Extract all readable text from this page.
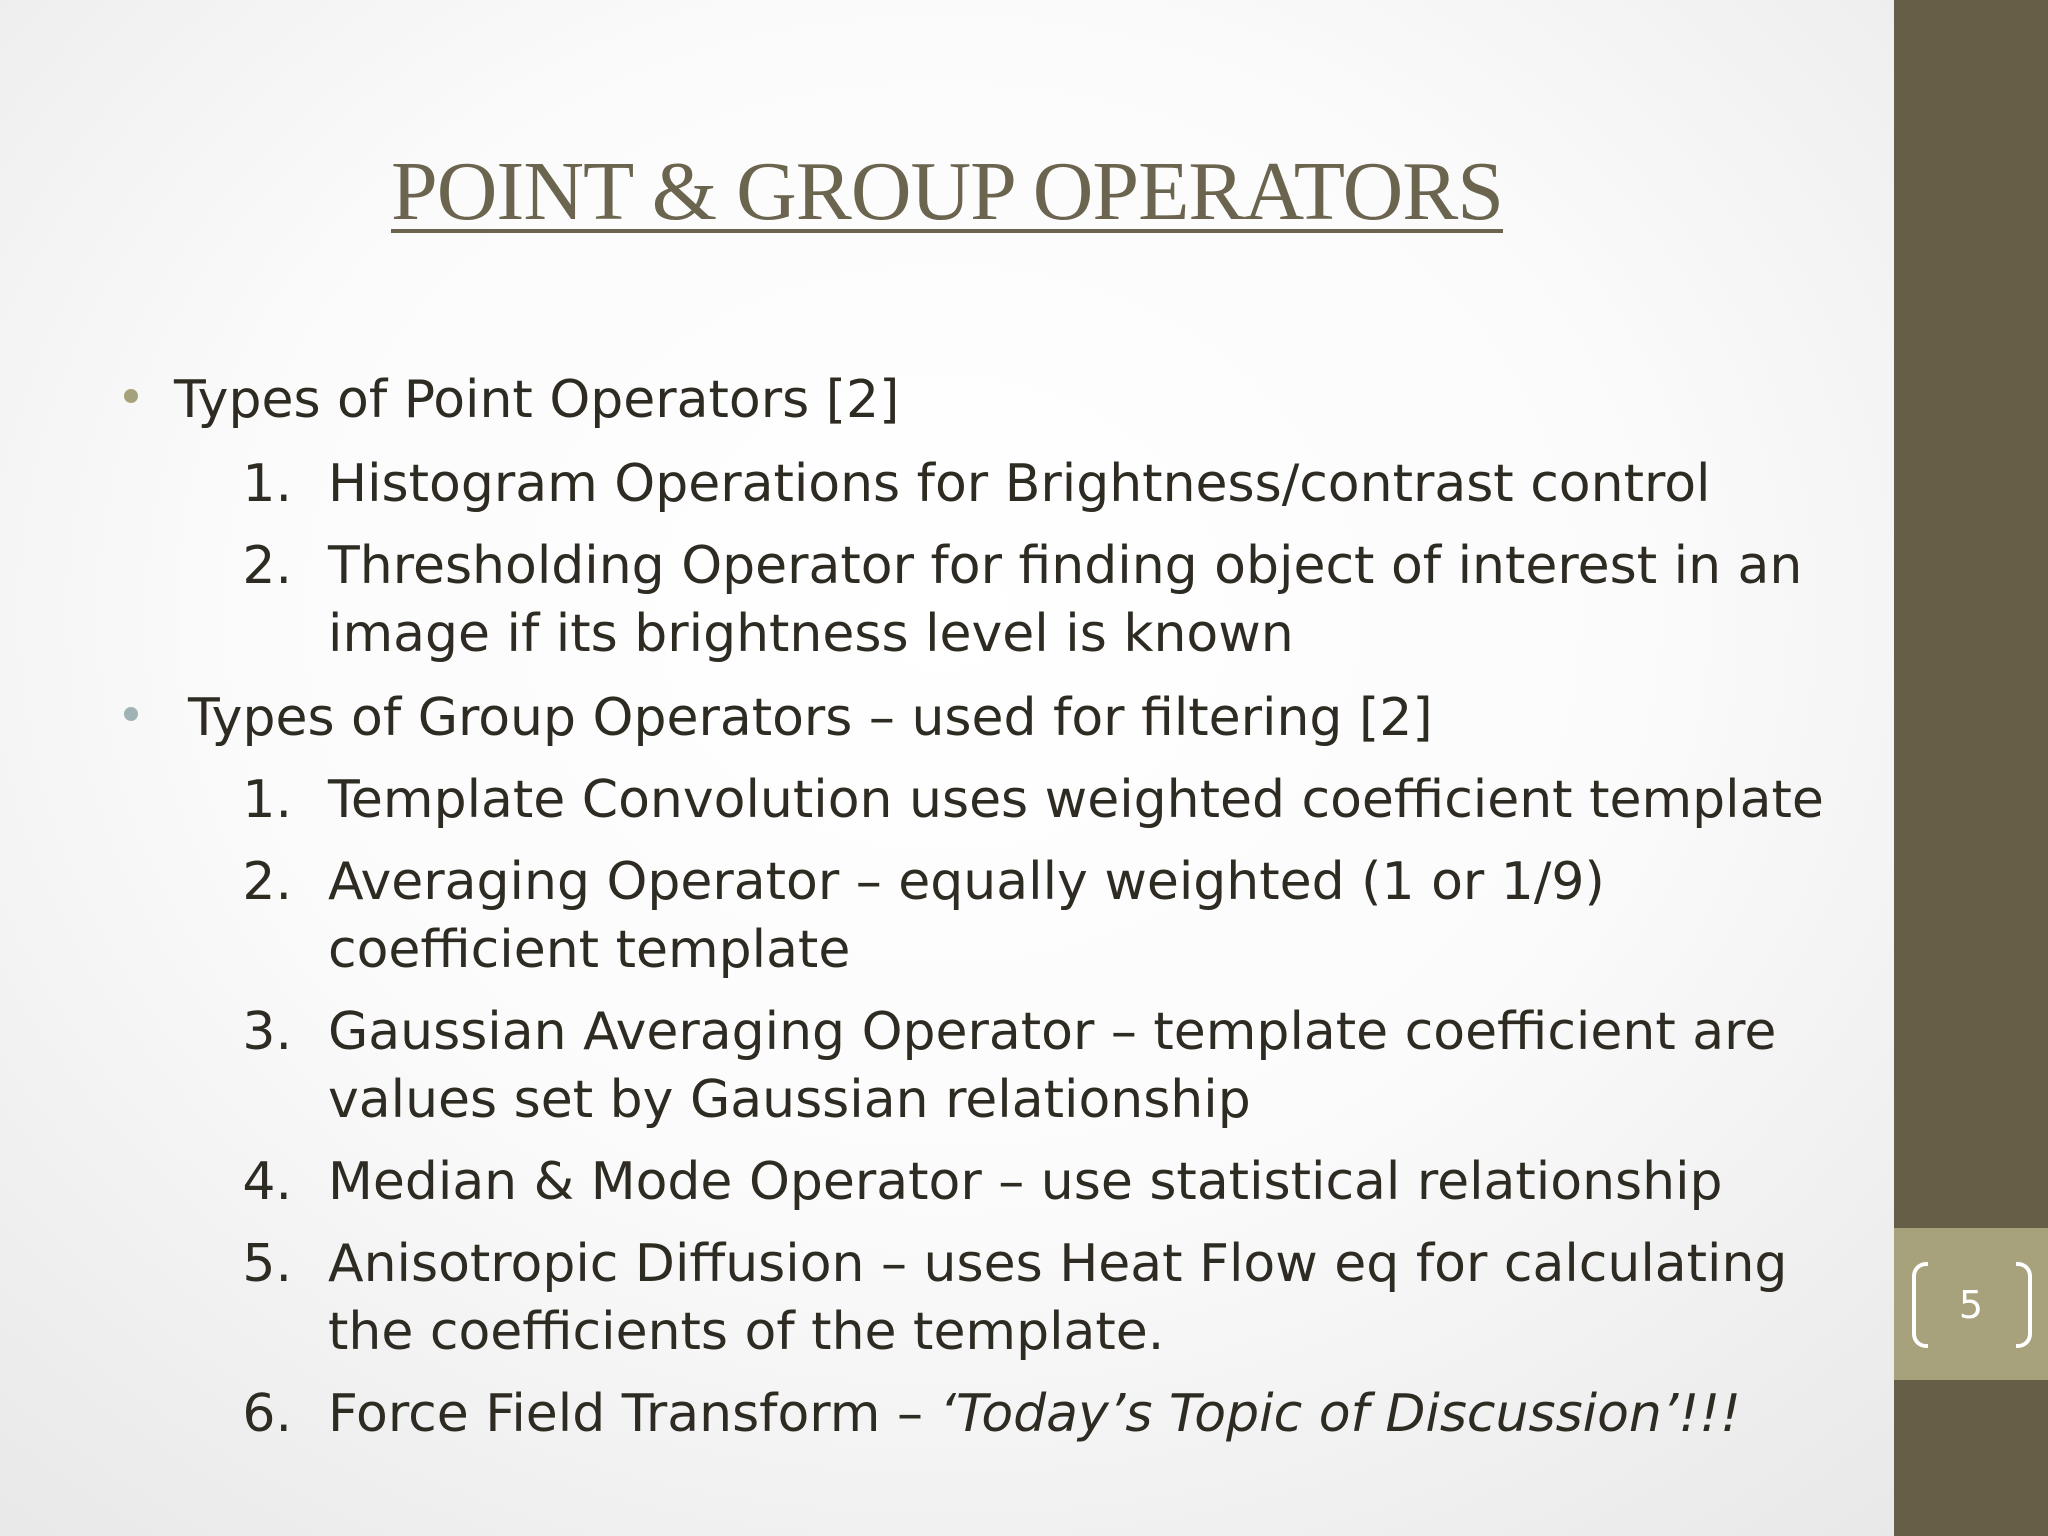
POINT & GROUP OPERATORS
Types of Point Operators [2]
1. Histogram Operations for Brightness/contrast control
2. Thresholding Operator for finding object of interest in an
image if its brightness level is known
Types of Group Operators – used for filtering [2]
1. Template Convolution uses weighted coefficient template
2. Averaging Operator – equally weighted (1 or 1/9)
coefficient template
3. Gaussian Averaging Operator – template coefficient are
values set by Gaussian relationship
4. Median & Mode Operator – use statistical relationship
5. Anisotropic Diffusion – uses Heat Flow eq for calculating
the coefficients of the template.
6. Force Field Transform – ‘Today’s Topic of Discussion’!!!
5
